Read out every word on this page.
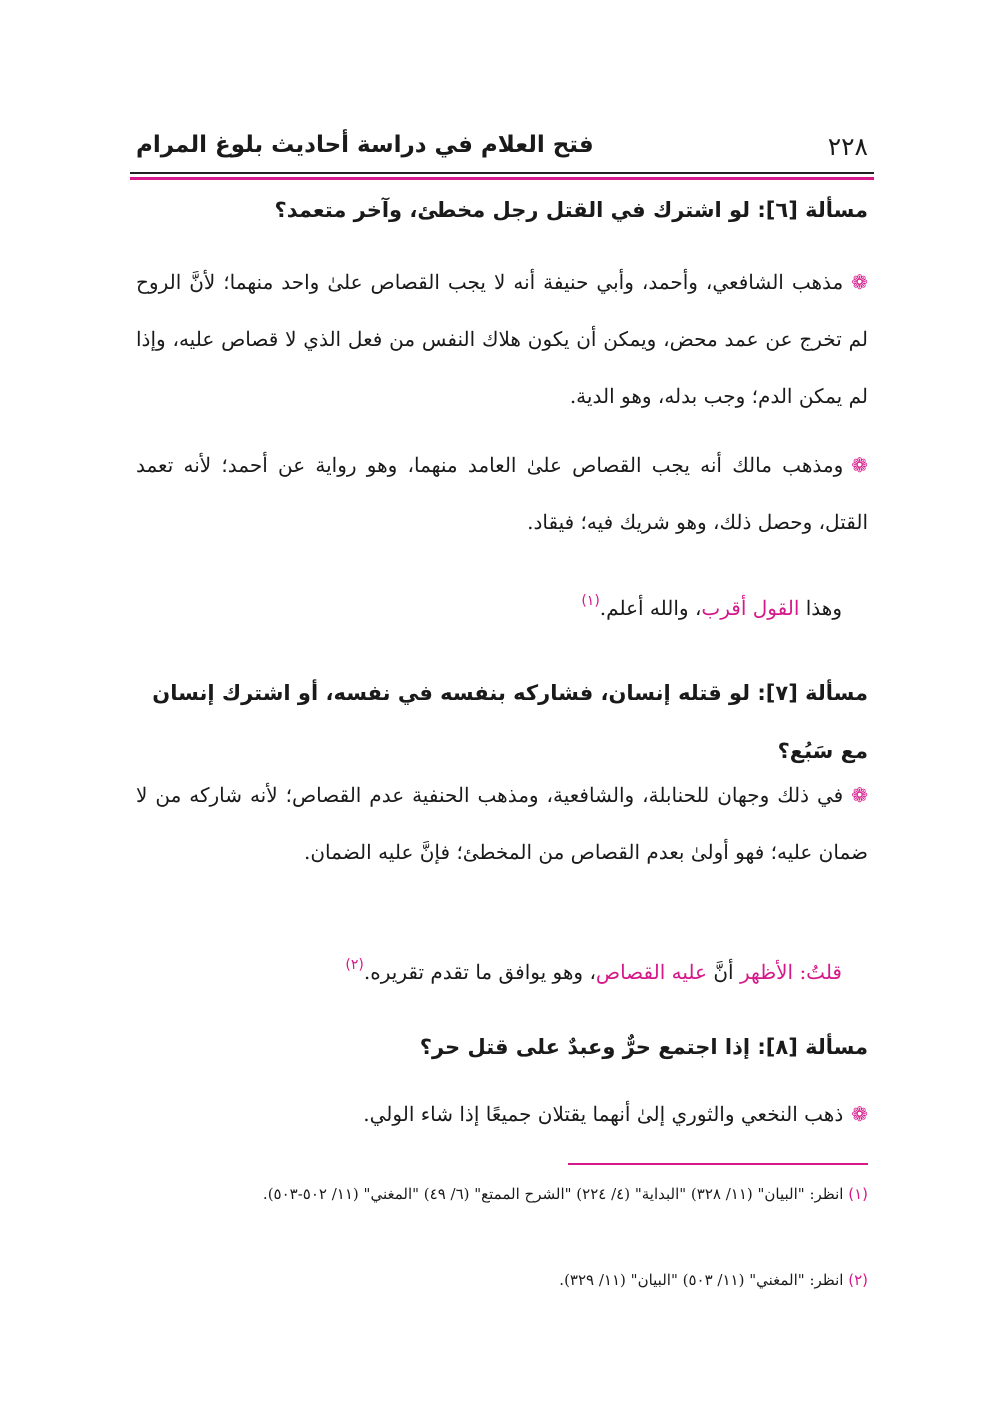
٢٢٨
فتح العلام في دراسة أحاديث بلوغ المرام
مسألة [٦]: لو اشترك في القتل رجل مخطئ، وآخر متعمد؟
❁مذهب الشافعي، وأحمد، وأبي حنيفة أنه لا يجب القصاص علىٰ واحد منهما؛ لأنَّ الروح لم تخرج عن عمد محض، ويمكن أن يكون هلاك النفس من فعل الذي لا قصاص عليه، وإذا لم يمكن الدم؛ وجب بدله، وهو الدية.
❁ومذهب مالك أنه يجب القصاص علىٰ العامد منهما، وهو رواية عن أحمد؛ لأنه تعمد القتل، وحصل ذلك، وهو شريك فيه؛ فيقاد.
وهذا القول أقرب، والله أعلم.$^{(١)}$
مسألة [٧]: لو قتله إنسان، فشاركه بنفسه في نفسه، أو اشترك إنسان مع سَبُع؟
❁في ذلك وجهان للحنابلة، والشافعية، ومذهب الحنفية عدم القصاص؛ لأنه شاركه من لا ضمان عليه؛ فهو أولىٰ بعدم القصاص من المخطئ؛ فإنَّ عليه الضمان.
قلتُ: الأظهر أنَّ عليه القصاص، وهو يوافق ما تقدم تقريره.$^{(٢)}$
مسألة [٨]: إذا اجتمع حرٌّ وعبدٌ على قتل حر؟
❁ذهب النخعي والثوري إلىٰ أنهما يقتلان جميعًا إذا شاء الولي.
(١) انظر: "البيان" (١١/ ٣٢٨) "البداية" (٤/ ٢٢٤) "الشرح الممتع" (٦/ ٤٩) "المغني" (١١/ ٥٠٢-٥٠٣).
(٢) انظر: "المغني" (١١/ ٥٠٣) "البيان" (١١/ ٣٢٩).
